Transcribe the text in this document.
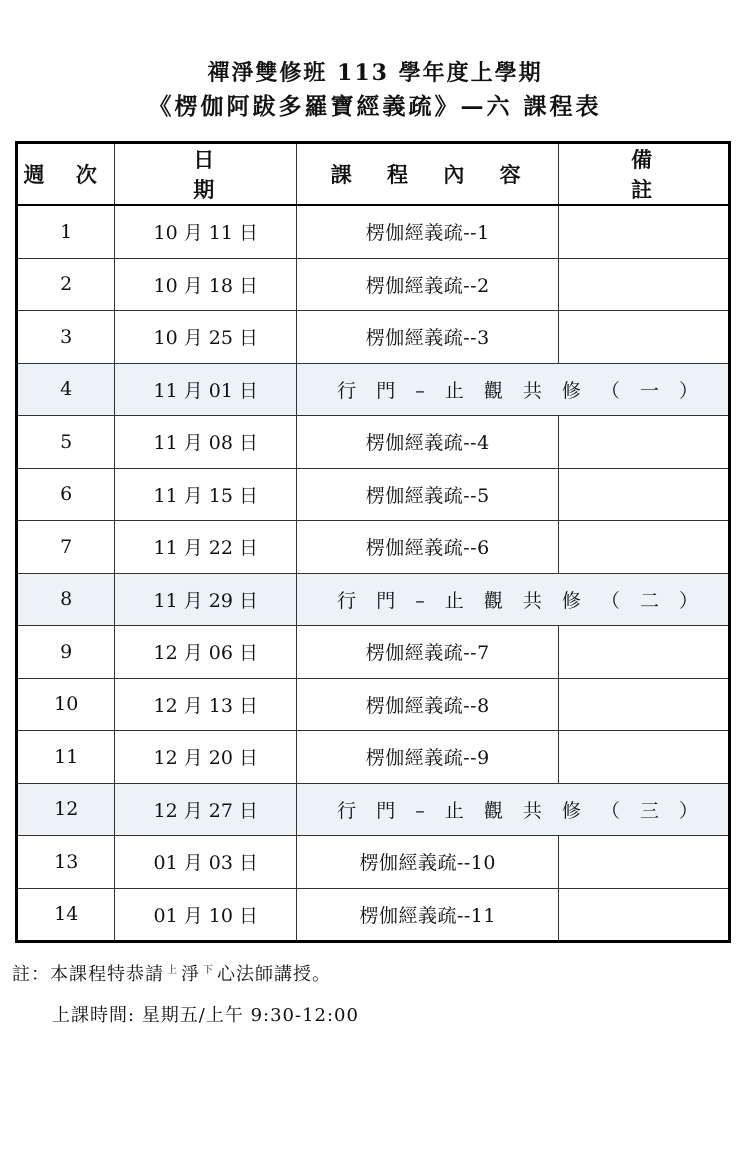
禪淨雙修班 113 學年度上學期
《楞伽阿跋多羅寶經義疏》—六 課程表
週 次	日 期	課 程 內 容	備 註
1	10 月 11 日	楞伽經義疏--1	
2	10 月 18 日	楞伽經義疏--2	
3	10 月 25 日	楞伽經義疏--3	
4	11 月 01 日	行 門 – 止 觀 共 修 （ 一 ）	
5	11 月 08 日	楞伽經義疏--4	
6	11 月 15 日	楞伽經義疏--5	
7	11 月 22 日	楞伽經義疏--6	
8	11 月 29 日	行 門 – 止 觀 共 修 （ 二 ）	
9	12 月 06 日	楞伽經義疏--7	
10	12 月 13 日	楞伽經義疏--8	
11	12 月 20 日	楞伽經義疏--9	
12	12 月 27 日	行 門 – 止 觀 共 修 （ 三 ）	
13	01 月 03 日	楞伽經義疏--10	
14	01 月 10 日	楞伽經義疏--11	
註：本課程特恭請 $^上$ 淨 $^下$ 心法師講授。
上課時間: 星期五/上午 9:30-12:00
